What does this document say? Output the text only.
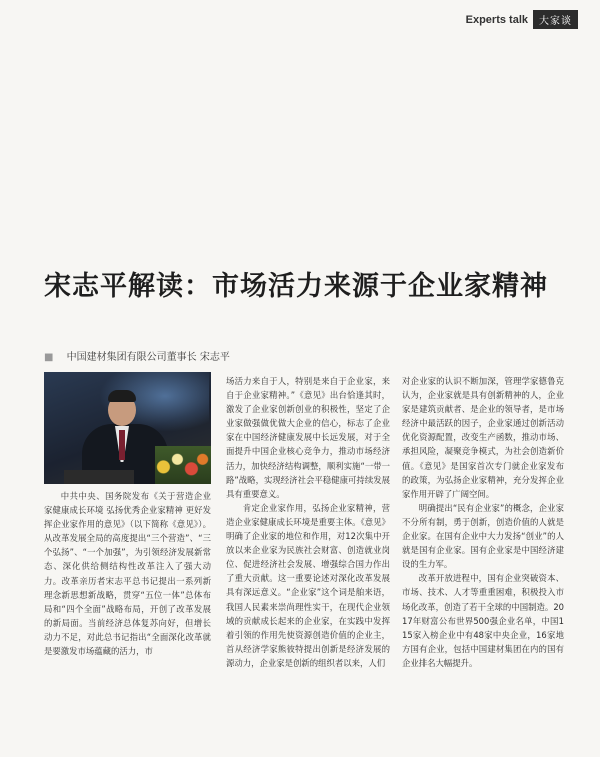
Experts talk	大家谈
宋志平解读：市场活力来源于企业家精神
■ 中国建材集团有限公司董事长 宋志平

中共中央、国务院发布《关于营造企业家健康成长环境 弘扬优秀企业家精神 更好发挥企业家作用的意见》（以下简称《意见》）。从改革发展全局的高度提出“三个营造”、“三个弘扬”、“一个加强”，为引领经济发展新常态、深化供给侧结构性改革注入了强大动力。改革亲历者宋志平总书记提出一系列新理念新思想新战略，贯穿“五位一体”总体布局和“四个全面”战略布局，开创了改革发展的新局面。当前经济总体复苏向好，但增长动力不足，对此总书记指出“全面深化改革就是要激发市场蕴藏的活力，市

场活力来自于人，特别是来自于企业家，来自于企业家精神。”《意见》出台恰逢其时，激发了企业家创新创业的积极性，坚定了企业家做强做优做大企业的信心，标志了企业家在中国经济健康发展中长远发展，对于全面提升中国企业核心竞争力，推动市场经济活力，加快经济结构调整，顺利实施“一带一路”战略，实现经济社会平稳健康可持续发展具有重要意义。

肯定企业家作用，弘扬企业家精神，营造企业家健康成长环境是重要主体。《意见》明确了企业家的地位和作用，对12次集中开放以来企业家为民族社会财富、创造就业岗位、促进经济社会发展、增强综合国力作出了重大贡献。这一重要论述对深化改革发展具有深远意义。“企业家”这个词是舶来语，我国人民素来崇尚理性实干，在现代企业领域的贡献成长起来的企业家，在实践中发挥着引领的作用先使资源创造价值的企业主，首从经济学家熊彼特提出创新是经济发展的源动力，企业家是创新的组织者以来，人们

对企业家的认识不断加深，管理学家德鲁克认为，企业家就是具有创新精神的人，企业家是建筑贡献者、是企业的领导者，是市场经济中最活跃的因子，企业家通过创新活动优化资源配置，改变生产函数，推动市场、承担风险，凝聚竞争模式，为社会创造新价值。《意见》是国家首次专门就企业家发布的政策，为弘扬企业家精神，充分发挥企业家作用开辟了广阔空间。

明确提出“民有企业家”的概念，企业家不分所有制，勇于创新，创造价值的人就是企业家。在国有企业中大力发扬“创业”的人就是国有企业家。国有企业家是中国经济建设的生力军。

改革开放进程中，国有企业突破资本、市场、技术、人才等重重困难，积极投入市场化改革，创造了若干全球的中国制造。2017年财富公布世界500强企业名单，中国115家入榜企业中有48家中央企业，16家地方国有企业，包括中国建材集团在内的国有企业排名大幅提升。
